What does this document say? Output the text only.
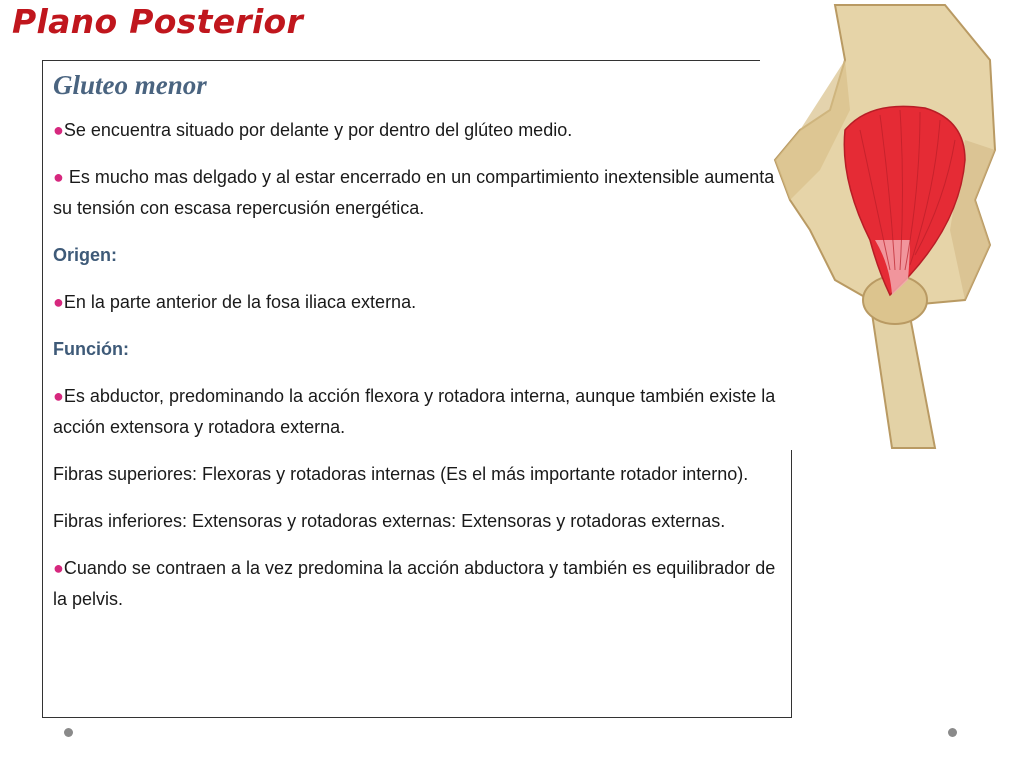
Plano Posterior
Gluteo menor

●Se encuentra situado por delante y por dentro del glúteo medio.

● Es mucho mas delgado y al estar encerrado en un compartimiento inextensible aumenta su tensión con escasa repercusión energética.

Origen:

●En la parte anterior de la fosa iliaca externa.

Función:

●Es abductor, predominando la acción flexora y rotadora interna, aunque también existe la acción extensora y rotadora externa.

Fibras superiores: Flexoras y rotadoras internas (Es el más importante rotador interno).

Fibras inferiores: Extensoras y rotadoras externas: Extensoras y rotadoras externas.

●Cuando se contraen a la vez predomina la acción abductora y también es equilibrador de la pelvis.
